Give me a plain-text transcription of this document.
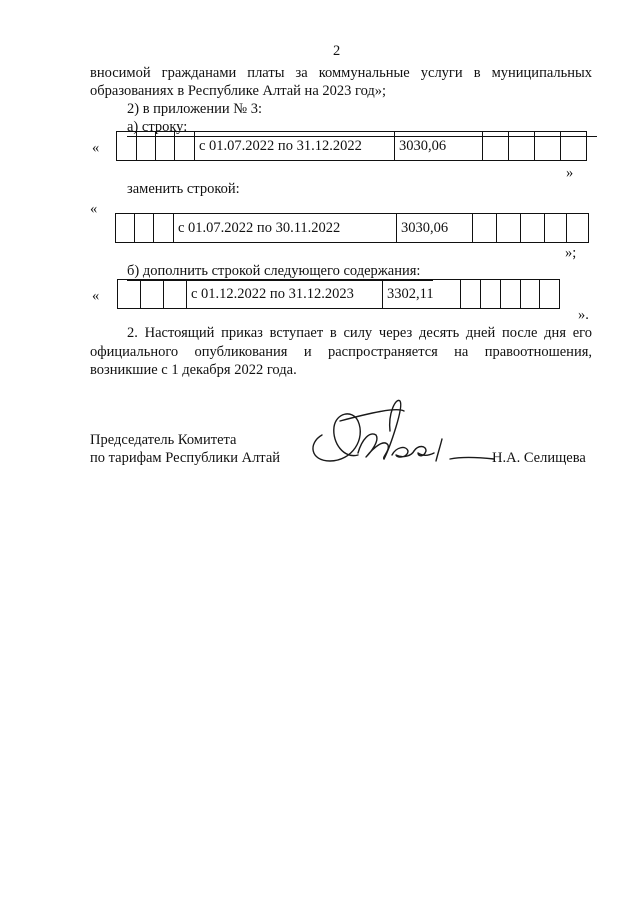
2
вносимой гражданами платы за коммунальные услуги в муниципальных
образованиях в Республике Алтай на 2023 год»;
2) в приложении № 3:
а) строку:
«
					с 01.07.2022 по 31.12.2022	3030,06				
»
заменить строкой:
«
			с 01.07.2022 по 30.11.2022	3030,06					
»;
б) дополнить строкой следующего содержания:
«
				с 01.12.2022 по 31.12.2023	3302,11					
».
2. Настоящий приказ вступает в силу через десять дней после дня его
официального опубликования и распространяется на правоотношения,
возникшие с 1 декабря 2022 года.
Председатель Комитета
по тарифам Республики Алтай	Н.А. Селищева
